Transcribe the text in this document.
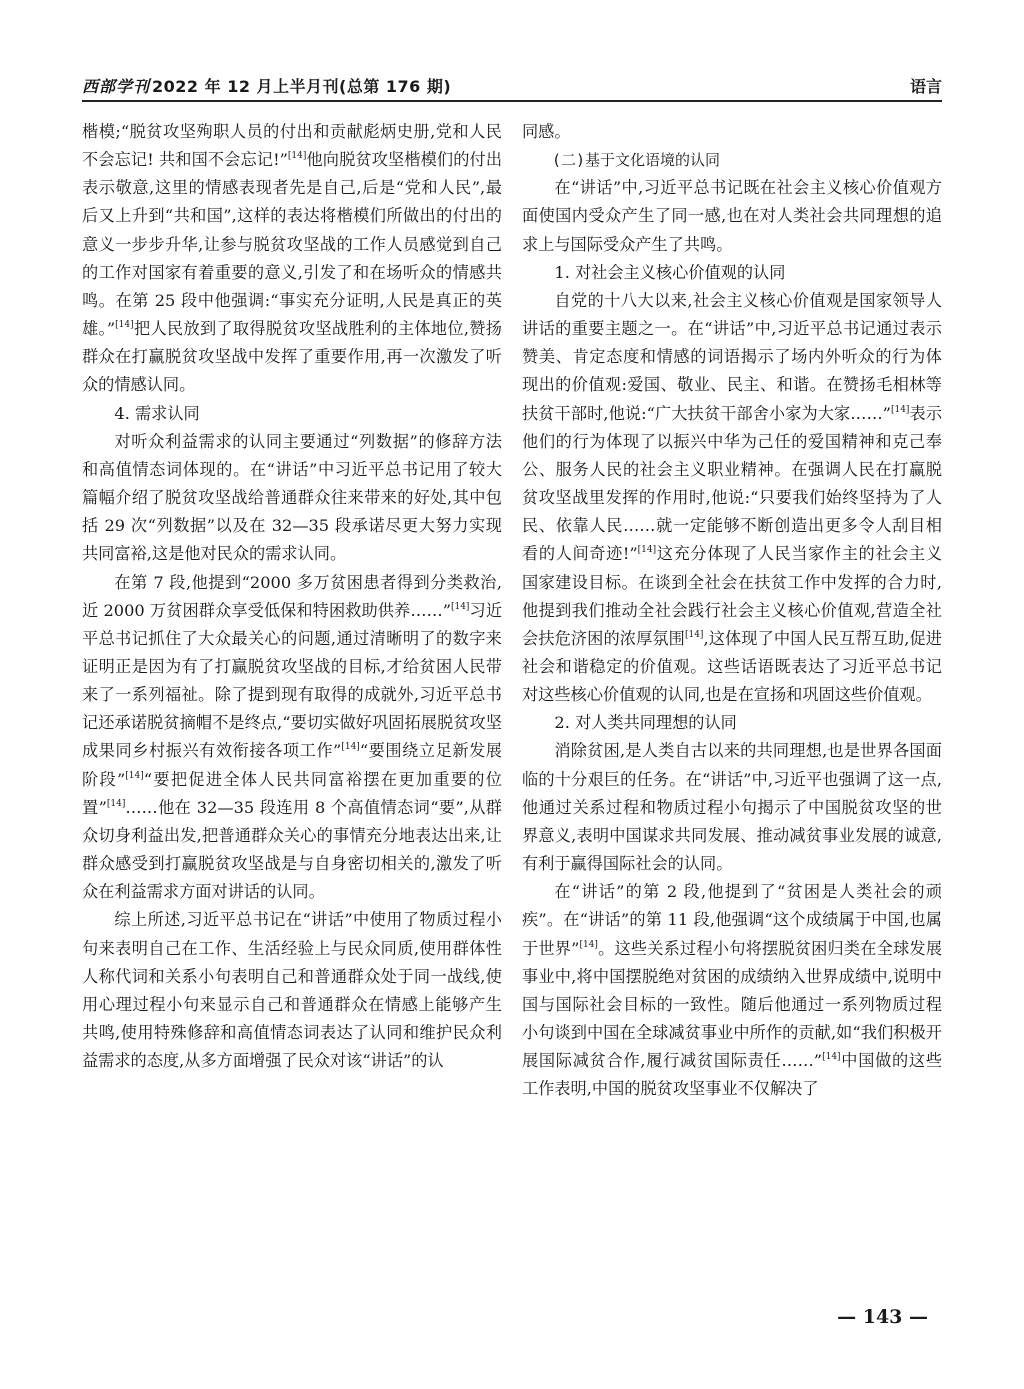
西部学刊 2022 年 12 月上半月刊(总第 176 期)	语言

楷模;“脱贫攻坚殉职人员的付出和贡献彪炳史册,党和人民不会忘记! 共和国不会忘记!”[14]他向脱贫攻坚楷模们的付出表示敬意,这里的情感表现者先是自己,后是“党和人民”,最后又上升到“共和国”,这样的表达将楷模们所做出的付出的意义一步步升华,让参与脱贫攻坚战的工作人员感觉到自己的工作对国家有着重要的意义,引发了和在场听众的情感共鸣。在第 25 段中他强调:“事实充分证明,人民是真正的英雄。”[14]把人民放到了取得脱贫攻坚战胜利的主体地位,赞扬群众在打赢脱贫攻坚战中发挥了重要作用,再一次激发了听众的情感认同。

4. 需求认同

对听众利益需求的认同主要通过“列数据”的修辞方法和高值情态词体现的。在“讲话”中习近平总书记用了较大篇幅介绍了脱贫攻坚战给普通群众往来带来的好处,其中包括 29 次“列数据”以及在 32—35 段承诺尽更大努力实现共同富裕,这是他对民众的需求认同。

在第 7 段,他提到“2000 多万贫困患者得到分类救治,近 2000 万贫困群众享受低保和特困救助供养……”[14]习近平总书记抓住了大众最关心的问题,通过清晰明了的数字来证明正是因为有了打赢脱贫攻坚战的目标,才给贫困人民带来了一系列福祉。除了提到现有取得的成就外,习近平总书记还承诺脱贫摘帽不是终点,“要切实做好巩固拓展脱贫攻坚成果同乡村振兴有效衔接各项工作”[14]“要围绕立足新发展阶段”[14]“要把促进全体人民共同富裕摆在更加重要的位置”[14]……他在 32—35 段连用 8 个高值情态词“要”,从群众切身利益出发,把普通群众关心的事情充分地表达出来,让群众感受到打赢脱贫攻坚战是与自身密切相关的,激发了听众在利益需求方面对讲话的认同。

综上所述,习近平总书记在“讲话”中使用了物质过程小句来表明自己在工作、生活经验上与民众同质,使用群体性人称代词和关系小句表明自己和普通群众处于同一战线,使用心理过程小句来显示自己和普通群众在情感上能够产生共鸣,使用特殊修辞和高值情态词表达了认同和维护民众利益需求的态度,从多方面增强了民众对该“讲话”的认

同感。

(二)基于文化语境的认同

在“讲话”中,习近平总书记既在社会主义核心价值观方面使国内受众产生了同一感,也在对人类社会共同理想的追求上与国际受众产生了共鸣。

1. 对社会主义核心价值观的认同

自党的十八大以来,社会主义核心价值观是国家领导人讲话的重要主题之一。在“讲话”中,习近平总书记通过表示赞美、肯定态度和情感的词语揭示了场内外听众的行为体现出的价值观:爱国、敬业、民主、和谐。在赞扬毛相林等扶贫干部时,他说:“广大扶贫干部舍小家为大家……”[14]表示他们的行为体现了以振兴中华为己任的爱国精神和克己奉公、服务人民的社会主义职业精神。在强调人民在打赢脱贫攻坚战里发挥的作用时,他说:“只要我们始终坚持为了人民、依靠人民……就一定能够不断创造出更多令人刮目相看的人间奇迹!”[14]这充分体现了人民当家作主的社会主义国家建设目标。在谈到全社会在扶贫工作中发挥的合力时,他提到我们推动全社会践行社会主义核心价值观,营造全社会扶危济困的浓厚氛围[14],这体现了中国人民互帮互助,促进社会和谐稳定的价值观。这些话语既表达了习近平总书记对这些核心价值观的认同,也是在宣扬和巩固这些价值观。

2. 对人类共同理想的认同

消除贫困,是人类自古以来的共同理想,也是世界各国面临的十分艰巨的任务。在“讲话”中,习近平也强调了这一点,他通过关系过程和物质过程小句揭示了中国脱贫攻坚的世界意义,表明中国谋求共同发展、推动减贫事业发展的诚意,有利于赢得国际社会的认同。

在“讲话”的第 2 段,他提到了“贫困是人类社会的顽疾”。在“讲话”的第 11 段,他强调“这个成绩属于中国,也属于世界”[14]。这些关系过程小句将摆脱贫困归类在全球发展事业中,将中国摆脱绝对贫困的成绩纳入世界成绩中,说明中国与国际社会目标的一致性。随后他通过一系列物质过程小句谈到中国在全球减贫事业中所作的贡献,如“我们积极开展国际减贫合作,履行减贫国际责任……”[14]中国做的这些工作表明,中国的脱贫攻坚事业不仅解决了

— 143 —
